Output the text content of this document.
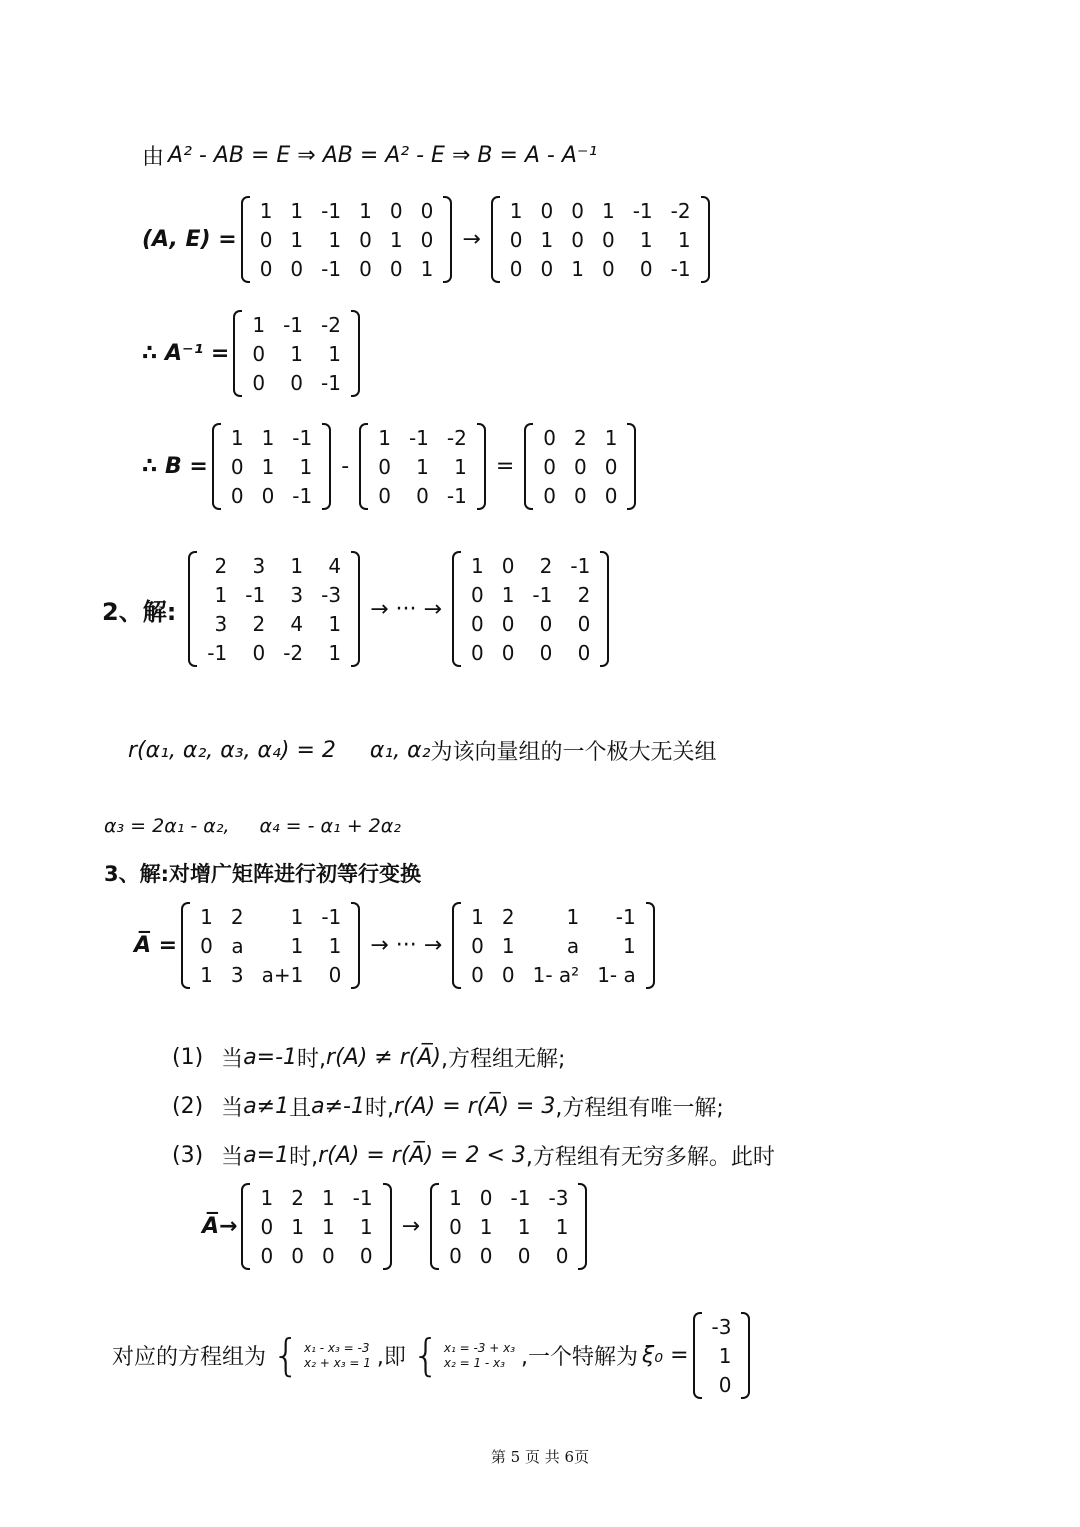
由 A² - AB = E ⇒ AB = A² - E ⇒ B = A - A⁻¹
(A, E) =
1	1	-1	1	0	0
0	1	1	0	1	0
0	0	-1	0	0	1
→
1	0	0	1	-1	-2
0	1	0	0	1	1
0	0	1	0	0	-1
∴ A⁻¹ =
1	-1	-2
0	1	1
0	0	-1
∴ B =
1	1	-1
0	1	1
0	0	-1
-
1	-1	-2
0	1	1
0	0	-1
=
0	2	1
0	0	0
0	0	0
2、解:
2	3	1	4
1	-1	3	-3
3	2	4	1
-1	0	-2	1
→ ··· →
1	0	2	-1
0	1	-1	2
0	0	0	0
0	0	0	0
r(α₁, α₂, α₃, α₄) = 2 α₁, α₂ 为该向量组的一个极大无关组
α₃ = 2α₁ - α₂, α₄ = - α₁ + 2α₂
3、解:对增广矩阵进行初等行变换
A̅ =
1	2	1	-1
0	a	1	1
1	3	a+1	0
→ ··· →
1	2	1	-1
0	1	a	1
0	0	1- a²	1- a
(1) 当 a=-1 时, r(A) ≠ r(A̅) ,方程组无解;
(2) 当 a≠1 且 a≠-1 时, r(A) = r(A̅) = 3 ,方程组有唯一解;
(3) 当 a=1 时, r(A) = r(A̅) = 2 < 3 ,方程组有无穷多解。此时
A̅→
1	2	1	-1
0	1	1	1
0	0	0	0
→
1	0	-1	-3
0	1	1	1
0	0	0	0
对应的方程组为 { x₁ - x₃ = -3
x₂ + x₃ = 1 ,即 { x₁ = -3 + x₃
x₂ = 1 - x₃ ,一个特解为 ξ₀ =
-3
1
0
第 5 页 共 6页
